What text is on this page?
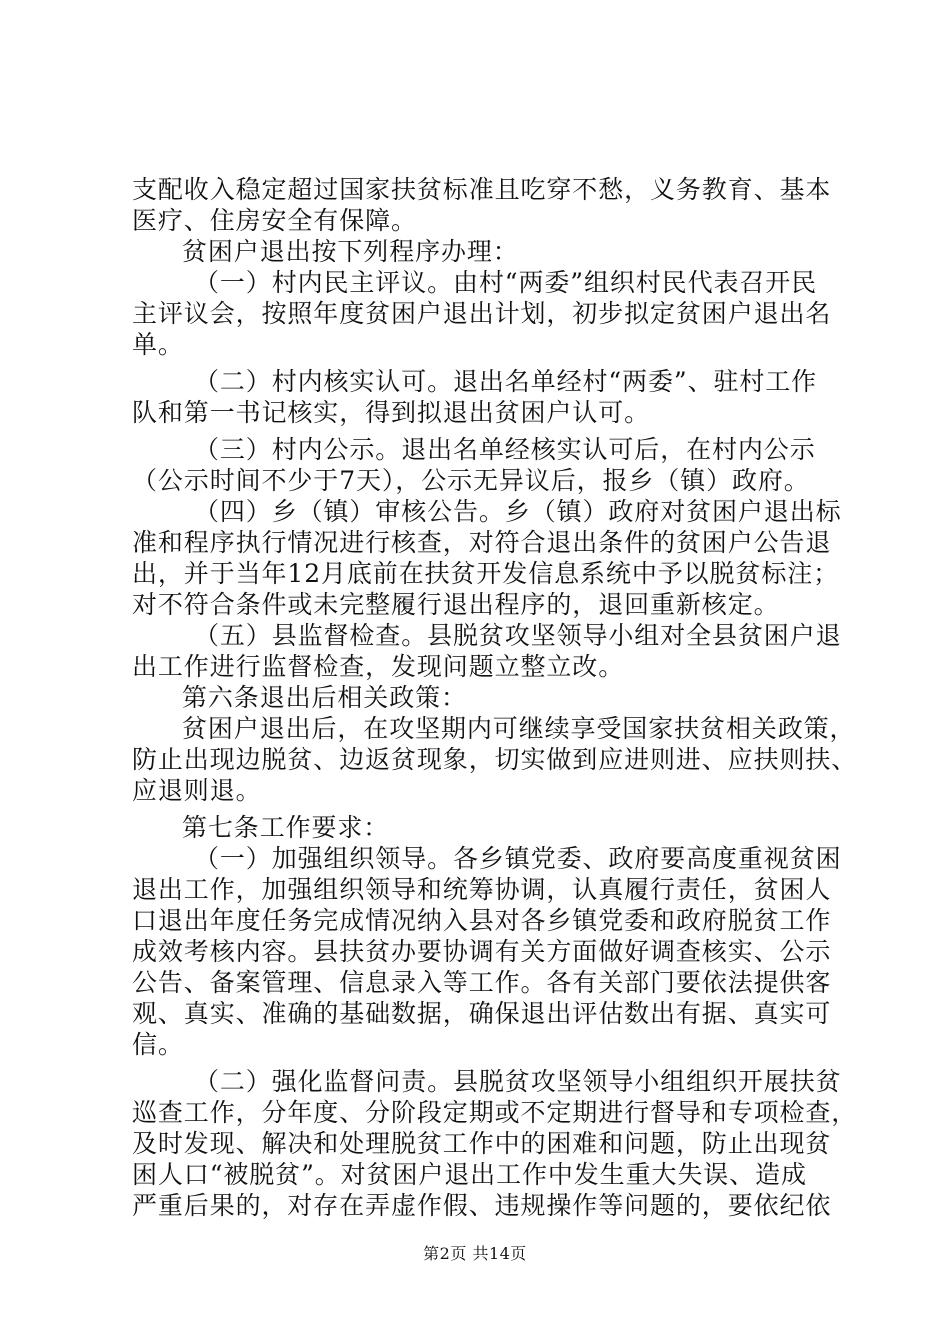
支配收入稳定超过国家扶贫标准且吃穿不愁，义务教育、基本
医疗、住房安全有保障。
贫困户退出按下列程序办理：
（一）村内民主评议。由村“两委”组织村民代表召开民
主评议会，按照年度贫困户退出计划，初步拟定贫困户退出名
单。
（二）村内核实认可。退出名单经村“两委”、驻村工作
队和第一书记核实，得到拟退出贫困户认可。
（三）村内公示。退出名单经核实认可后，在村内公示
（公示时间不少于7天），公示无异议后，报乡（镇）政府。
（四）乡（镇）审核公告。乡（镇）政府对贫困户退出标
准和程序执行情况进行核查，对符合退出条件的贫困户公告退
出，并于当年12月底前在扶贫开发信息系统中予以脱贫标注；
对不符合条件或未完整履行退出程序的，退回重新核定。
（五）县监督检查。县脱贫攻坚领导小组对全县贫困户退
出工作进行监督检查，发现问题立整立改。
第六条退出后相关政策：
贫困户退出后，在攻坚期内可继续享受国家扶贫相关政策，
防止出现边脱贫、边返贫现象，切实做到应进则进、应扶则扶、
应退则退。
第七条工作要求：
（一）加强组织领导。各乡镇党委、政府要高度重视贫困
退出工作，加强组织领导和统筹协调，认真履行责任，贫困人
口退出年度任务完成情况纳入县对各乡镇党委和政府脱贫工作
成效考核内容。县扶贫办要协调有关方面做好调查核实、公示
公告、备案管理、信息录入等工作。各有关部门要依法提供客
观、真实、准确的基础数据，确保退出评估数出有据、真实可
信。
（二）强化监督问责。县脱贫攻坚领导小组组织开展扶贫
巡查工作，分年度、分阶段定期或不定期进行督导和专项检查，
及时发现、解决和处理脱贫工作中的困难和问题，防止出现贫
困人口“被脱贫”。对贫困户退出工作中发生重大失误、造成
严重后果的，对存在弄虚作假、违规操作等问题的，要依纪依
第2页 共14页
